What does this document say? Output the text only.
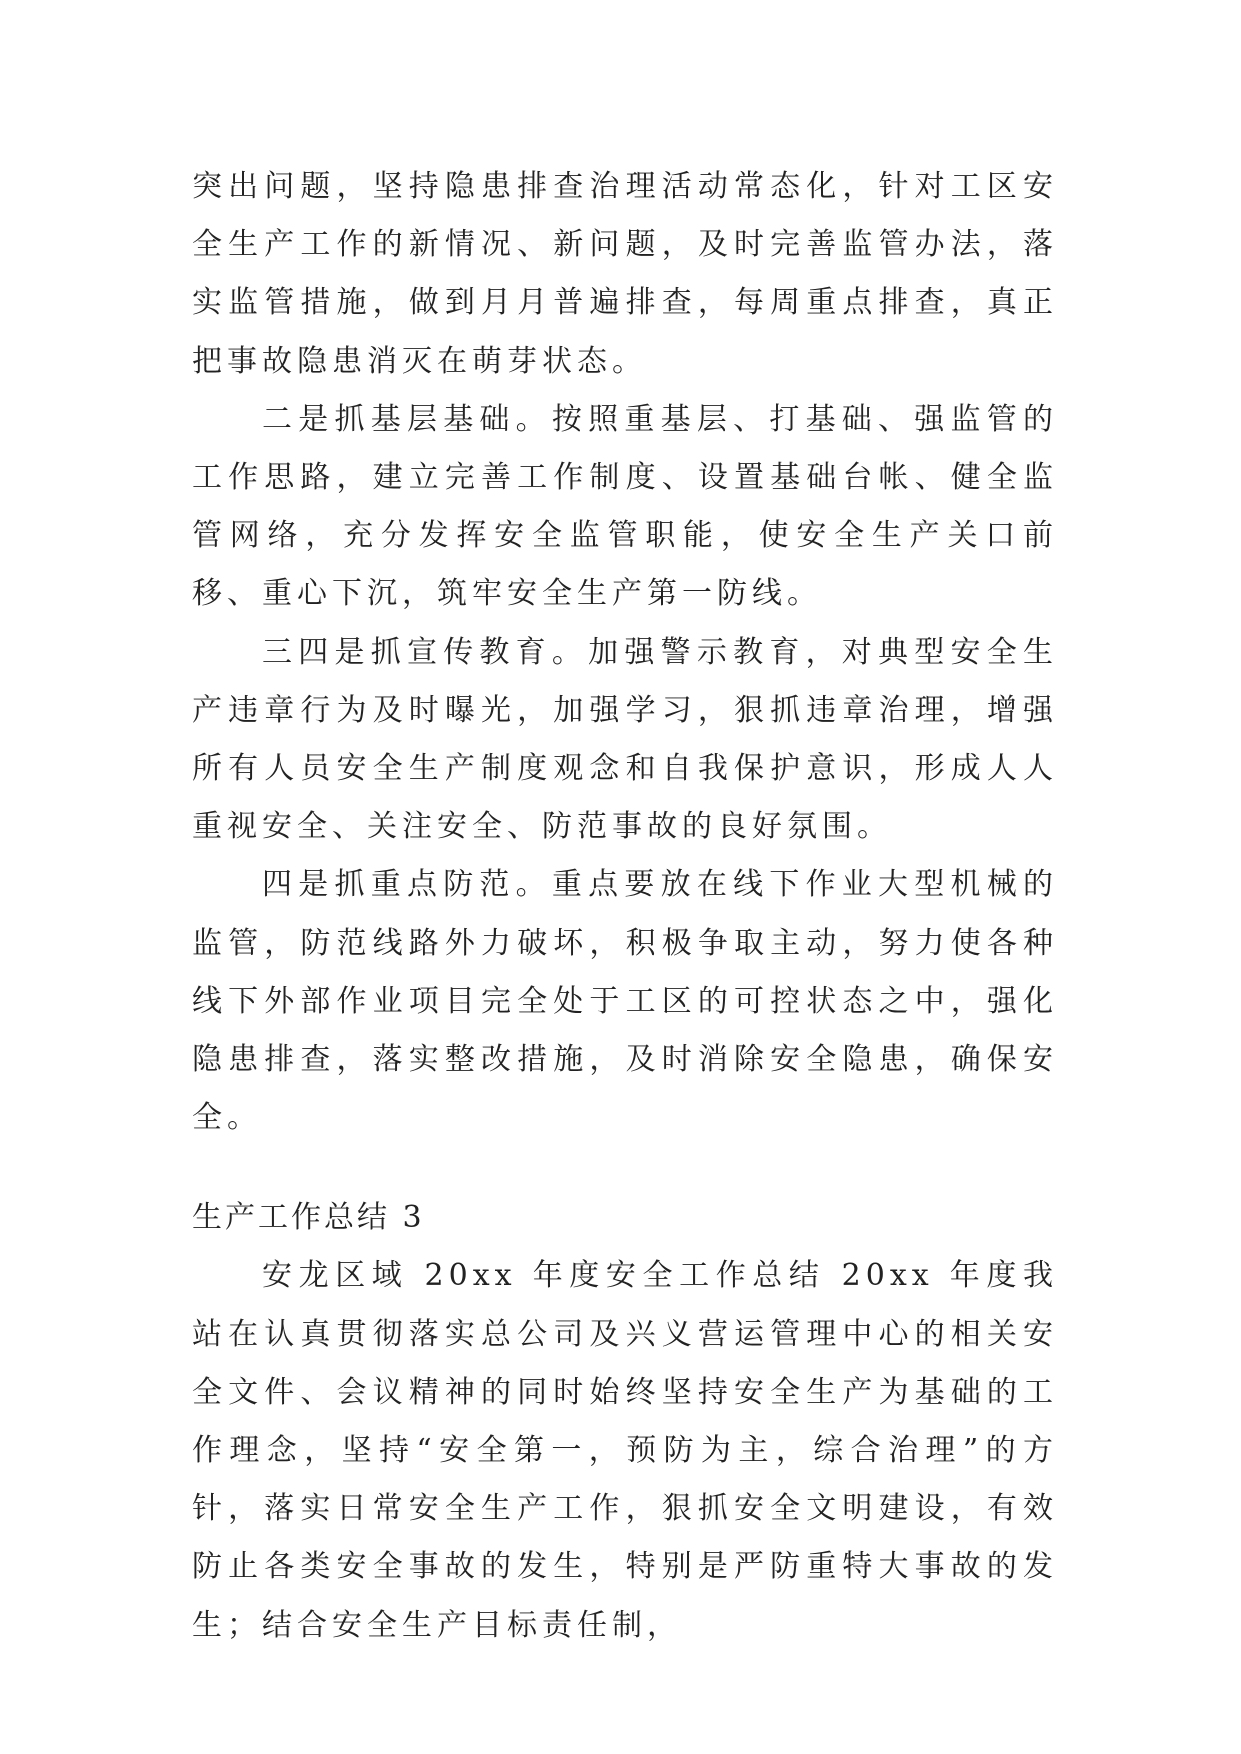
突出问题，坚持隐患排查治理活动常态化，针对工区安全生产工作的新情况、新问题，及时完善监管办法，落实监管措施，做到月月普遍排查，每周重点排查，真正把事故隐患消灭在萌芽状态。

二是抓基层基础。按照重基层、打基础、强监管的工作思路，建立完善工作制度、设置基础台帐、健全监管网络，充分发挥安全监管职能，使安全生产关口前移、重心下沉，筑牢安全生产第一防线。

三四是抓宣传教育。加强警示教育，对典型安全生产违章行为及时曝光，加强学习，狠抓违章治理，增强所有人员安全生产制度观念和自我保护意识，形成人人重视安全、关注安全、防范事故的良好氛围。

四是抓重点防范。重点要放在线下作业大型机械的监管，防范线路外力破坏，积极争取主动，努力使各种线下外部作业项目完全处于工区的可控状态之中，强化隐患排查，落实整改措施，及时消除安全隐患，确保安全。

生产工作总结 3

安龙区域 20xx 年度安全工作总结 20xx 年度我站在认真贯彻落实总公司及兴义营运管理中心的相关安全文件、会议精神的同时始终坚持安全生产为基础的工作理念，坚持“安全第一，预防为主，综合治理”的方针，落实日常安全生产工作，狠抓安全文明建设，有效防止各类安全事故的发生，特别是严防重特大事故的发生；结合安全生产目标责任制，
